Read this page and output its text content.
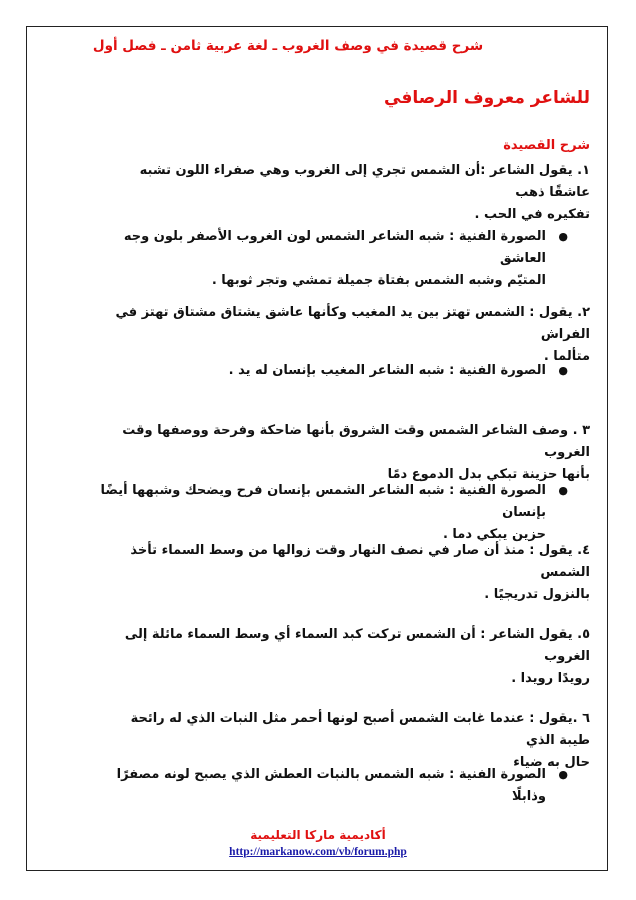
شرح قصيدة في وصف الغروب ـ لغة عربية ثامن ـ فصل أول
للشاعر معروف الرصافي
شرح القصيدة
١. يقول الشاعر :أن الشمس تجري إلى الغروب وهي صفراء اللون تشبه عاشقًا ذهب
تفكيره في الحب .
●
الصورة الفنية : شبه الشاعر الشمس لون الغروب الأصفر بلون وجه العاشق
المتيّم وشبه الشمس بفتاة جميلة تمشي وتجر ثوبها .
٢. يقول : الشمس تهتز بين يد المغيب وكأنها عاشق يشتاق مشتاق تهتز في الفراش
متألما .
●
الصورة الفنية : شبه الشاعر المغيب بإنسان له يد .
٣ . وصف الشاعر الشمس وقت الشروق بأنها ضاحكة وفرحة ووصفها وقت الغروب
بأنها حزينة تبكي بدل الدموع دمًا
●
الصورة الفنية : شبه الشاعر الشمس بإنسان فرح ويضحك وشبهها أيضًا بإنسان
حزين يبكي دما .
٤. يقول : منذ أن صار في نصف النهار وقت زوالها من وسط السماء تأخذ الشمس
بالنزول تدريجيًا .
٥. يقول الشاعر : أن الشمس تركت كبد السماء أي وسط السماء مائلة إلى الغروب
رويدًا رويدا .
٦ .يقول : عندما غابت الشمس أصبح لونها أحمر مثل النبات الذي له رائحة طيبة الذي
حال به ضياء
●
الصورة الفنية : شبه الشمس بالنبات العطش الذي يصبح لونه مصفرًا وذابلًا
أكاديمية ماركا التعليمية
http://markanow.com/vb/forum.php
